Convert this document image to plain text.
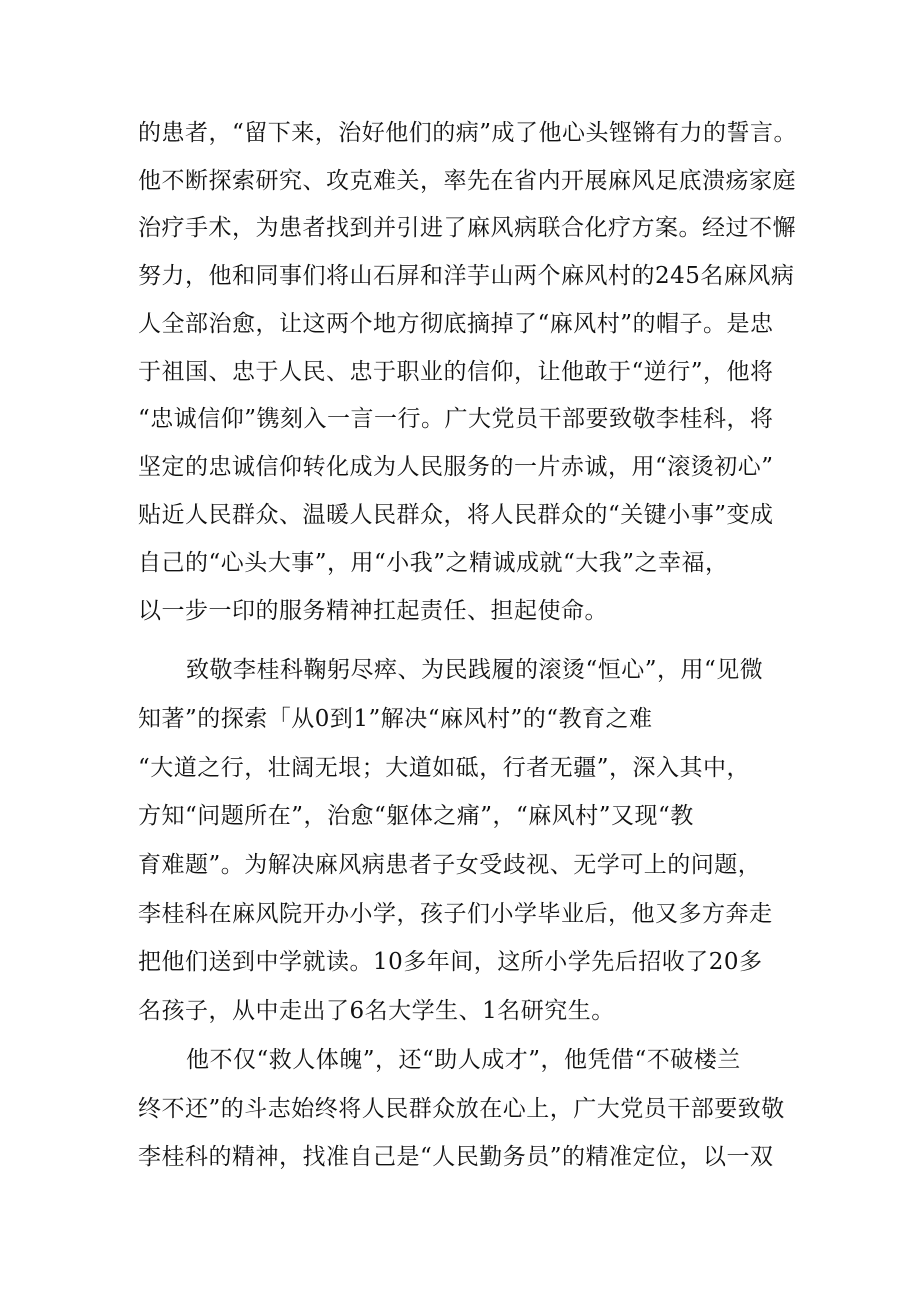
的患者，“留下来，治好他们的病”成了他心头铿锵有力的誓言。
他不断探索研究、攻克难关，率先在省内开展麻风足底溃疡家庭
治疗手术，为患者找到并引进了麻风病联合化疗方案。经过不懈
努力，他和同事们将山石屏和洋芋山两个麻风村的245名麻风病
人全部治愈，让这两个地方彻底摘掉了“麻风村”的帽子。是忠
于祖国、忠于人民、忠于职业的信仰，让他敢于“逆行”，他将
“忠诚信仰”镌刻入一言一行。广大党员干部要致敬李桂科，将
坚定的忠诚信仰转化成为人民服务的一片赤诚，用“滚烫初心”
贴近人民群众、温暖人民群众，将人民群众的“关键小事”变成
自己的“心头大事”，用“小我”之精诚成就“大我”之幸福，
以一步一印的服务精神扛起责任、担起使命。
致敬李桂科鞠躬尽瘁、为民践履的滚烫“恒心”，用“见微
知著”的探索「从0到1”解决“麻风村”的“教育之难
“大道之行，壮阔无垠；大道如砥，行者无疆”，深入其中，
方知“问题所在”，治愈“躯体之痛”，“麻风村”又现“教
育难题”。为解决麻风病患者子女受歧视、无学可上的问题，
李桂科在麻风院开办小学，孩子们小学毕业后，他又多方奔走
把他们送到中学就读。10多年间，这所小学先后招收了20多
名孩子，从中走出了6名大学生、1名研究生。
他不仅“救人体魄”，还“助人成才”，他凭借“不破楼兰
终不还”的斗志始终将人民群众放在心上，广大党员干部要致敬
李桂科的精神，找准自己是“人民勤务员”的精准定位，以一双
